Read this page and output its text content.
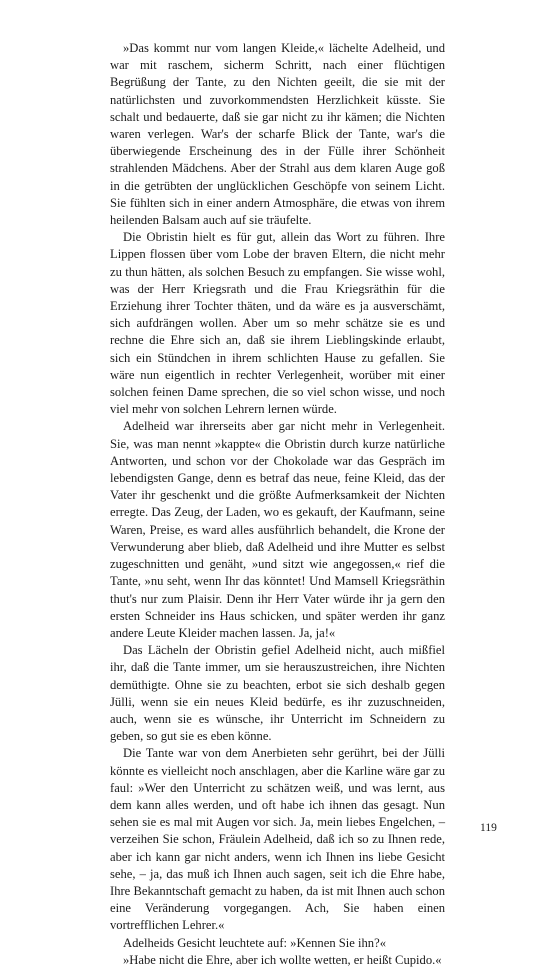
»Das kommt nur vom langen Kleide,« lächelte Adelheid, und war mit raschem, sicherm Schritt, nach einer flüchtigen Begrüßung der Tante, zu den Nichten geeilt, die sie mit der natürlichsten und zuvorkommendsten Herzlichkeit küsste. Sie schalt und bedauerte, daß sie gar nicht zu ihr kämen; die Nichten waren verlegen. War's der scharfe Blick der Tante, war's die überwiegende Erscheinung des in der Fülle ihrer Schönheit strahlenden Mädchens. Aber der Strahl aus dem klaren Auge goß in die getrübten der unglücklichen Geschöpfe von seinem Licht. Sie fühlten sich in einer andern Atmosphäre, die etwas von ihrem heilenden Balsam auch auf sie träufelte.

Die Obristin hielt es für gut, allein das Wort zu führen. Ihre Lippen flossen über vom Lobe der braven Eltern, die nicht mehr zu thun hätten, als solchen Besuch zu empfangen. Sie wisse wohl, was der Herr Kriegsrath und die Frau Kriegsräthin für die Erziehung ihrer Tochter thäten, und da wäre es ja ausverschämt, sich aufdrängen wollen. Aber um so mehr schätze sie es und rechne die Ehre sich an, daß sie ihrem Lieblingskinde erlaubt, sich ein Stündchen in ihrem schlichten Hause zu gefallen. Sie wäre nun eigentlich in rechter Verlegenheit, worüber mit einer solchen feinen Dame sprechen, die so viel schon wisse, und noch viel mehr von solchen Lehrern lernen würde.

Adelheid war ihrerseits aber gar nicht mehr in Verlegenheit. Sie, was man nennt »kappte« die Obristin durch kurze natürliche Antworten, und schon vor der Chokolade war das Gespräch im lebendigsten Gange, denn es betraf das neue, feine Kleid, das der Vater ihr geschenkt und die größte Aufmerksamkeit der Nichten erregte. Das Zeug, der Laden, wo es gekauft, der Kaufmann, seine Waren, Preise, es ward alles ausführlich behandelt, die Krone der Verwunderung aber blieb, daß Adelheid und ihre Mutter es selbst zugeschnitten und genäht, »und sitzt wie angegossen,« rief die Tante, »nu seht, wenn Ihr das könntet! Und Mamsell Kriegsräthin thut's nur zum Plaisir. Denn ihr Herr Vater würde ihr ja gern den ersten Schneider ins Haus schicken, und später werden ihr ganz andere Leute Kleider machen lassen. Ja, ja!«

Das Lächeln der Obristin gefiel Adelheid nicht, auch mißfiel ihr, daß die Tante immer, um sie herauszustreichen, ihre Nichten demüthigte. Ohne sie zu beachten, erbot sie sich deshalb gegen Jülli, wenn sie ein neues Kleid bedürfe, es ihr zuzuschneiden, auch, wenn sie es wünsche, ihr Unterricht im Schneidern zu geben, so gut sie es eben könne.

Die Tante war von dem Anerbieten sehr gerührt, bei der Jülli könnte es vielleicht noch anschlagen, aber die Karline wäre gar zu faul: »Wer den Unterricht zu schätzen weiß, und was lernt, aus dem kann alles werden, und oft habe ich ihnen das gesagt. Nun sehen sie es mal mit Augen vor sich. Ja, mein liebes Engelchen, – verzeihen Sie schon, Fräulein Adelheid, daß ich so zu Ihnen rede, aber ich kann gar nicht anders, wenn ich Ihnen ins liebe Gesicht sehe, – ja, das muß ich Ihnen auch sagen, seit ich die Ehre habe, Ihre Bekanntschaft gemacht zu haben, da ist mit Ihnen auch schon eine Veränderung vorgegangen. Ach, Sie haben einen vortrefflichen Lehrer.«

Adelheids Gesicht leuchtete auf: »Kennen Sie ihn?«

»Habe nicht die Ehre, aber ich wollte wetten, er heißt Cupido.«

119
